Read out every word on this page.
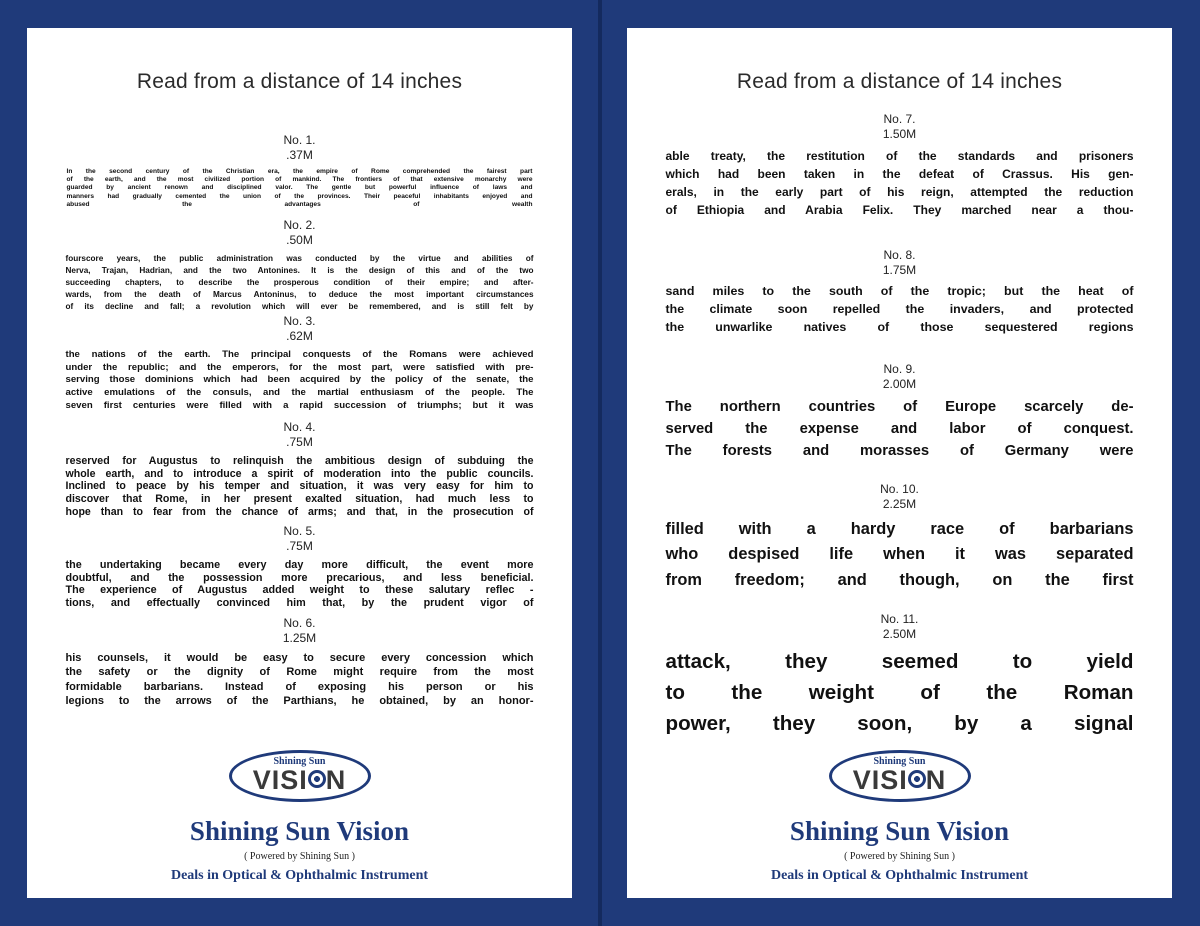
Read from a distance of 14 inches
No. 1.
.37M
In the second century of the Christian era, the empire of Rome comprehended the fairest part
of the earth, and the most civilized portion of mankind. The frontiers of that extensive monarchy were
guarded by ancient renown and disciplined valor. The gentle but powerful influence of laws and
manners had gradually cemented the union of the provinces. Their peaceful inhabitants enjoyed and
abused the advantages of wealth
No. 2.
.50M
fourscore years, the public administration was conducted by the virtue and abilities of
Nerva, Trajan, Hadrian, and the two Antonines. It is the design of this and of the two
succeeding chapters, to describe the prosperous condition of their empire; and after-
wards, from the death of Marcus Antoninus, to deduce the most important circumstances
of its decline and fall; a revolution which will ever be remembered, and is still felt by
No. 3.
.62M
the nations of the earth. The principal conquests of the Romans were achieved
under the republic; and the emperors, for the most part, were satisfied with pre-
serving those dominions which had been acquired by the policy of the senate, the
active emulations of the consuls, and the martial enthusiasm of the people. The
seven first centuries were filled with a rapid succession of triumphs; but it was
No. 4.
.75M
reserved for Augustus to relinquish the ambitious design of subduing the
whole earth, and to introduce a spirit of moderation into the public councils.
Inclined to peace by his temper and situation, it was very easy for him to
discover that Rome, in her present exalted situation, had much less to
hope than to fear from the chance of arms; and that, in the prosecution of
No. 5.
.75M
the undertaking became every day more difficult, the event more
doubtful, and the possession more precarious, and less beneficial.
The experience of Augustus added weight to these salutary reflec -
tions, and effectually convinced him that, by the prudent vigor of
No. 6.
1.25M
his counsels, it would be easy to secure every concession which
the safety or the dignity of Rome might require from the most
formidable barbarians. Instead of exposing his person or his
legions to the arrows of the Parthians, he obtained, by an honor-
Shining Sun
VISI N
Shining Sun Vision
( Powered by Shining Sun )
Deals in Optical & Ophthalmic Instrument
Read from a distance of 14 inches
No. 7.
1.50M
able treaty, the restitution of the standards and prisoners
which had been taken in the defeat of Crassus. His gen-
erals, in the early part of his reign, attempted the reduction
of Ethiopia and Arabia Felix. They marched near a thou-
No. 8.
1.75M
sand miles to the south of the tropic; but the heat of
the climate soon repelled the invaders, and protected
the unwarlike natives of those sequestered regions
No. 9.
2.00M
The northern countries of Europe scarcely de-
served the expense and labor of conquest.
The forests and morasses of Germany were
No. 10.
2.25M
filled with a hardy race of barbarians
who despised life when it was separated
from freedom; and though, on the first
No. 11.
2.50M
attack, they seemed to yield
to the weight of the Roman
power, they soon, by a signal
Shining Sun
VISI N
Shining Sun Vision
( Powered by Shining Sun )
Deals in Optical & Ophthalmic Instrument
